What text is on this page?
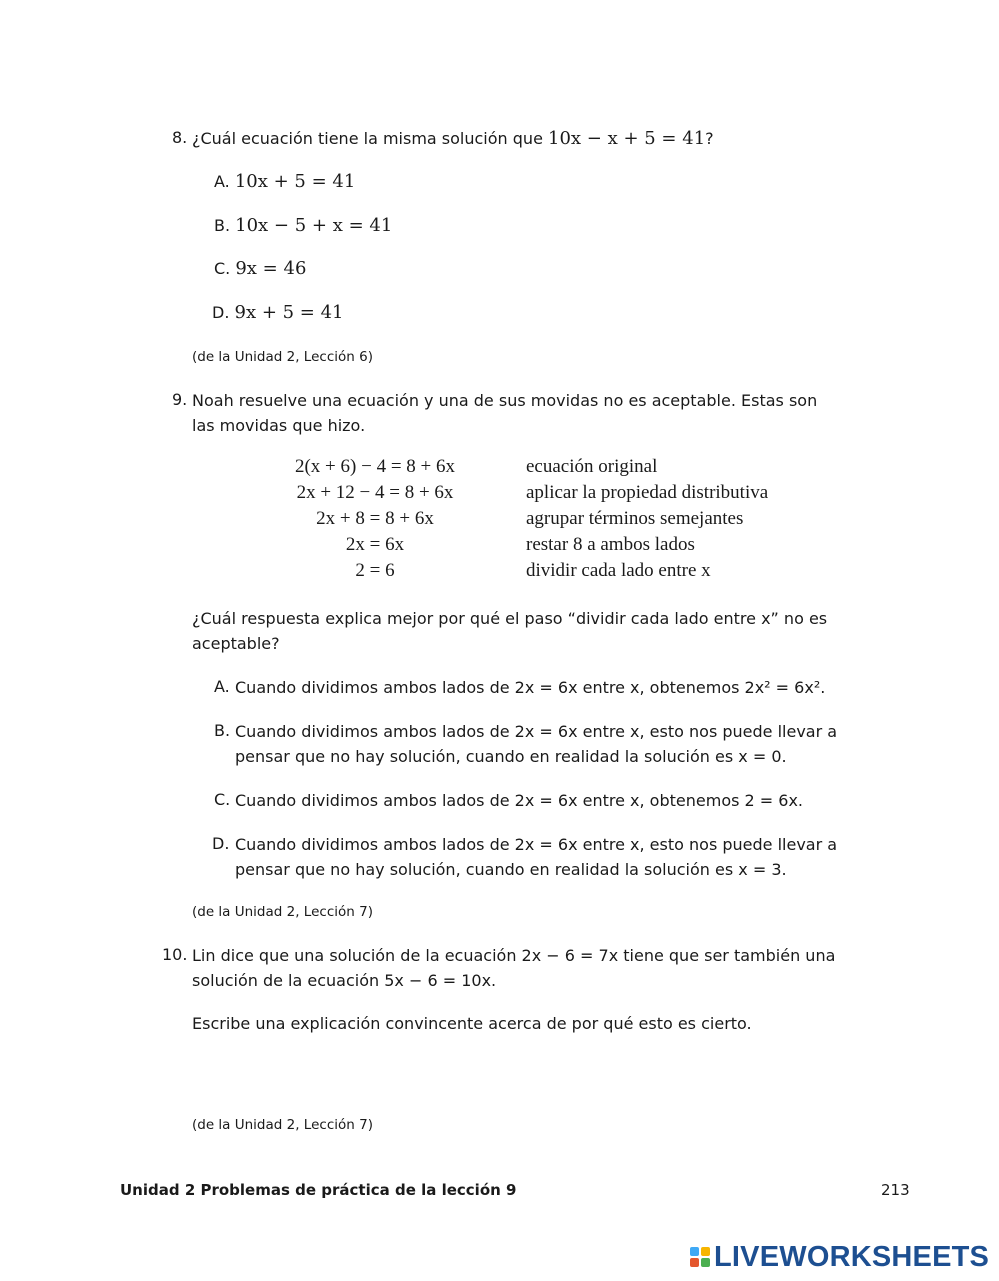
8. ¿Cuál ecuación tiene la misma solución que 10x − x + 5 = 41?
A. 10x + 5 = 41
B. 10x − 5 + x = 41
C. 9x = 46
D. 9x + 5 = 41
(de la Unidad 2, Lección 6)
9. Noah resuelve una ecuación y una de sus movidas no es aceptable. Estas son las movidas que hizo.
2(x + 6) − 4 = 8 + 6x	ecuación original
2x + 12 − 4 = 8 + 6x	aplicar la propiedad distributiva
2x + 8 = 8 + 6x	agrupar términos semejantes
2x = 6x	restar 8 a ambos lados
2 = 6	dividir cada lado entre x
¿Cuál respuesta explica mejor por qué el paso “dividir cada lado entre x” no es aceptable?
A. Cuando dividimos ambos lados de 2x = 6x entre x, obtenemos 2x² = 6x².
B. Cuando dividimos ambos lados de 2x = 6x entre x, esto nos puede llevar a pensar que no hay solución, cuando en realidad la solución es x = 0.
C. Cuando dividimos ambos lados de 2x = 6x entre x, obtenemos 2 = 6x.
D. Cuando dividimos ambos lados de 2x = 6x entre x, esto nos puede llevar a pensar que no hay solución, cuando en realidad la solución es x = 3.
(de la Unidad 2, Lección 7)
10. Lin dice que una solución de la ecuación 2x − 6 = 7x tiene que ser también una solución de la ecuación 5x − 6 = 10x.
Escribe una explicación convincente acerca de por qué esto es cierto.
(de la Unidad 2, Lección 7)
Unidad 2 Problemas de práctica de la lección 9	213
LIVEWORKSHEETS
